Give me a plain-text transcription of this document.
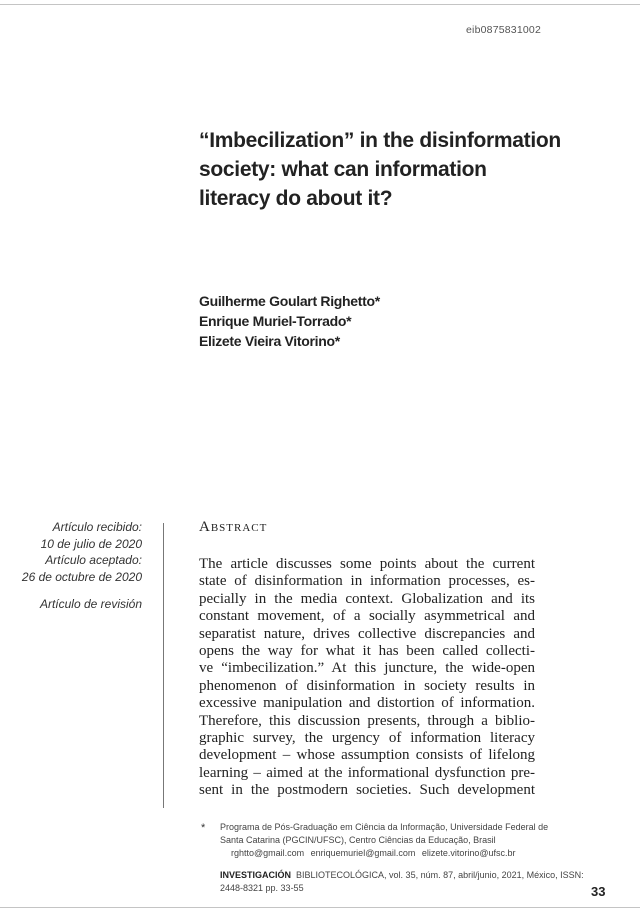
eib0875831002
“Imbecilization” in the disinformation
society: what can information
literacy do about it?
Guilherme Goulart Righetto*
Enrique Muriel-Torrado*
Elizete Vieira Vitorino*
Artículo recibido:
10 de julio de 2020
Artículo aceptado:
26 de octubre de 2020
Artículo de revisión
Abstract
The article discusses some points about the current
state of disinformation in information processes, es-
pecially in the media context. Globalization and its
constant movement, of a socially asymmetrical and
separatist nature, drives collective discrepancies and
opens the way for what it has been called collecti-
ve “imbecilization.” At this juncture, the wide-open
phenomenon of disinformation in society results in
excessive manipulation and distortion of information.
Therefore, this discussion presents, through a biblio-
graphic survey, the urgency of information literacy
development – whose assumption consists of lifelong
learning – aimed at the informational dysfunction pre-
sent in the postmodern societies. Such development
* Programa de Pós-Graduação em Ciência da Informação, Universidade Federal de
Santa Catarina (PGCIN/UFSC), Centro Ciências da Educação, Brasil
rghtto@gmail.com enriquemuriel@gmail.com elizete.vitorino@ufsc.br
INVESTIGACIÓN BIBLIOTECOLÓGICA, vol. 35, núm. 87, abril/junio, 2021, México, ISSN:
2448-8321 pp. 33-55	33
